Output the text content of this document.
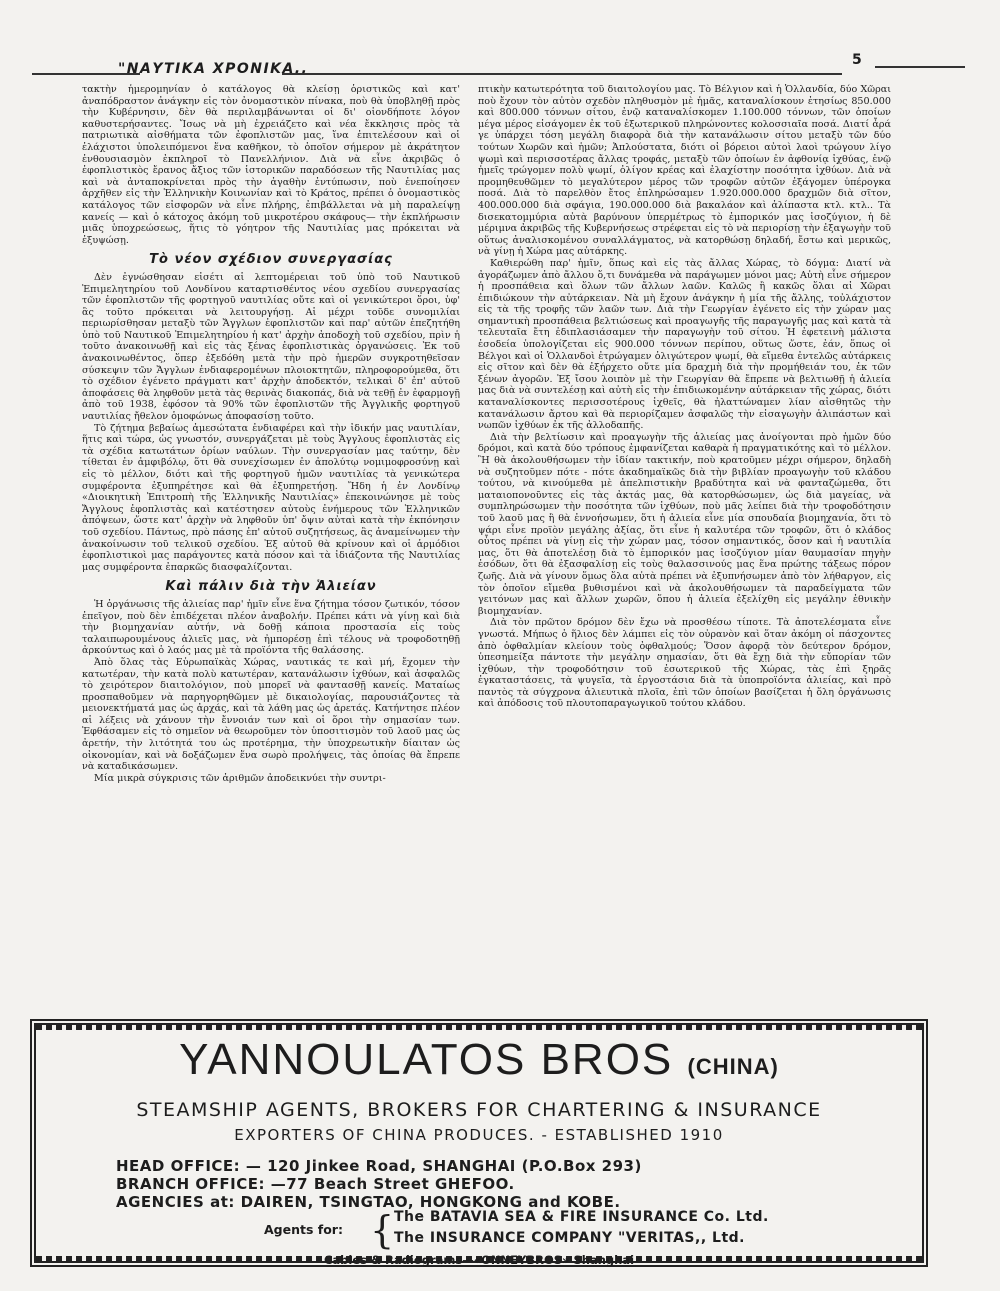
"ΝΑΥΤΙΚΑ ΧΡΟΝΙΚΑ,,
5

τακτὴν ἡμερομηνίαν ὁ κατάλογος θὰ κλείσῃ ὁριστικῶς καὶ κατ' ἀναπόδραστον ἀνάγκην εἰς τὸν ὀνομαστικὸν πίνακα, ποὺ θὰ ὑποβληθῇ πρὸς τὴν Κυβέρνησιν, δὲν θὰ περιλαμβάνωνται οἱ δι' οἱονδήποτε λόγον καθυστερήσαντες. Ἴσως νὰ μὴ ἐχρειάζετο καὶ νέα ἔκκλησις πρὸς τὰ πατριωτικὰ αἰσθήματα τῶν ἐφοπλιστῶν μας, ἵνα ἐπιτελέσουν καὶ οἱ ἐλάχιστοι ὑπολειπόμενοι ἕνα καθῆκον, τὸ ὁποῖον σήμερον μὲ ἀκράτητον ἐνθουσιασμὸν ἐκπληροῖ τὸ Πανελλήνιον. Διὰ νὰ εἶνε ἀκριβῶς ὁ ἐφοπλιστικὸς ἔρανος ἄξιος τῶν ἱστορικῶν παραδόσεων τῆς Ναυτιλίας μας καὶ νὰ ἀνταποκρίνεται πρὸς τὴν ἀγαθὴν ἐντύπωσιν, ποὺ ἐνεποίησεν ἀρχῆθεν εἰς τὴν Ἑλληνικὴν Κοινωνίαν καὶ τὸ Κράτος, πρέπει ὁ ὀνομαστικὸς κατάλογος τῶν εἰσφορῶν νὰ εἶνε πλήρης, ἐπιβάλλεται νὰ μὴ παραλείψῃ κανείς — καὶ ὁ κάτοχος ἀκόμη τοῦ μικροτέρου σκάφους— τὴν ἐκπλήρωσιν μιᾶς ὑποχρεώσεως, ἥτις τὸ γόητρον τῆς Ναυτιλίας μας πρόκειται νὰ ἐξυψώσῃ.

Τὸ νέον σχέδιον συνεργασίας

Δὲν ἐγνώσθησαν εἰσέτι αἱ λεπτομέρειαι τοῦ ὑπὸ τοῦ Ναυτικοῦ Ἐπιμελητηρίου τοῦ Λονδίνου καταρτισθέντος νέου σχεδίου συνεργασίας τῶν ἐφοπλιστῶν τῆς φορτηγοῦ ναυτιλίας οὔτε καὶ οἱ γενικώτεροι ὅροι, ὑφ' ἃς τοῦτο πρόκειται νὰ λειτουργήσῃ. Αἱ μέχρι τοῦδε συνομιλίαι περιωρίσθησαν μεταξὺ τῶν Ἄγγλων ἐφοπλιστῶν καὶ παρ' αὐτῶν ἐπεζητήθη ὑπὸ τοῦ Ναυτικοῦ Ἐπιμελητηρίου ἡ κατ' ἀρχὴν ἀποδοχὴ τοῦ σχεδίου, πρὶν ἡ τοῦτο ἀνακοινωθῇ καὶ εἰς τὰς ξένας ἐφοπλιστικὰς ὀργανώσεις. Ἐκ τοῦ ἀνακοινωθέντος, ὅπερ ἐξεδόθη μετὰ τὴν πρὸ ἡμερῶν συγκροτηθεῖσαν σύσκεψιν τῶν Ἄγγλων ἐνδιαφερομένων πλοιοκτητῶν, πληροφορούμεθα, ὅτι τὸ σχέδιον ἐγένετο πράγματι κατ' ἀρχὴν ἀποδεκτόν, τελικαὶ δ' ἐπ' αὐτοῦ ἀποφάσεις θὰ ληφθοῦν μετὰ τὰς θερινὰς διακοπάς, διὰ νὰ τεθῇ ἐν ἐφαρμογῇ ἀπὸ τοῦ 1938, ἐφόσον τὰ 90% τῶν ἐφοπλιστῶν τῆς Ἀγγλικῆς φορτηγοῦ ναυτιλίας ἤθελον ὁμοφώνως ἀποφασίσῃ τοῦτο.

Τὸ ζήτημα βεβαίως ἀμεσώτατα ἐνδιαφέρει καὶ τὴν ἰδικήν μας ναυτιλίαν, ἥτις καὶ τώρα, ὡς γνωστόν, συνεργάζεται μὲ τοὺς Ἄγγλους ἐφοπλιστὰς εἰς τὰ σχέδια κατωτάτων ὁρίων ναύλων. Τὴν συνεργασίαν μας ταύτην, δὲν τίθεται ἐν ἀμφιβόλῳ, ὅτι θὰ συνεχίσωμεν ἐν ἀπολύτῳ νομιμοφροσύνῃ καὶ εἰς τὸ μέλλον, διότι καὶ τῆς φορτηγοῦ ἡμῶν ναυτιλίας τὰ γενικώτερα συμφέροντα ἐξυπηρέτησε καὶ θὰ ἐξυπηρετήσῃ. Ἤδη ἡ ἐν Λονδίνῳ «Διοικητικὴ Ἐπιτροπὴ τῆς Ἑλληνικῆς Ναυτιλίας» ἐπεκοινώνησε μὲ τοὺς Ἄγγλους ἐφοπλιστὰς καὶ κατέστησεν αὐτοὺς ἐνήμερους τῶν Ἑλληνικῶν ἀπόψεων, ὥστε κατ' ἀρχὴν νὰ ληφθοῦν ὑπ' ὄψιν αὐταὶ κατὰ τὴν ἐκπόνησιν τοῦ σχεδίου. Πάντως, πρὸ πάσης ἐπ' αὐτοῦ συζητήσεως, ἂς ἀναμείνωμεν τὴν ἀνακοίνωσιν τοῦ τελικοῦ σχεδίου. Ἐξ αὐτοῦ θὰ κρίνουν καὶ οἱ ἁρμόδιοι ἐφοπλιστικοὶ μας παράγοντες κατὰ πόσον καὶ τὰ ἰδιάζοντα τῆς Ναυτιλίας μας συμφέροντα ἐπαρκῶς διασφαλίζονται.

Καὶ πάλιν διὰ τὴν Ἁλιείαν

Ἡ ὀργάνωσις τῆς ἁλιείας παρ' ἡμῖν εἶνε ἕνα ζήτημα τόσον ζωτικόν, τόσον ἐπεῖγον, ποὺ δὲν ἐπιδέχεται πλέον ἀναβολήν. Πρέπει κάτι νὰ γίνῃ καὶ διὰ τὴν βιομηχανίαν αὐτήν, νὰ δοθῇ κάποια προστασία εἰς τοὺς ταλαιπωρουμένους ἁλιεῖς μας, νὰ ἠμπορέσῃ ἐπὶ τέλους νὰ τροφοδοτηθῇ ἀρκούντως καὶ ὁ λαός μας μὲ τὰ προϊόντα τῆς θαλάσσης.

Ἀπὸ ὅλας τὰς Εὐρωπαϊκὰς Χώρας, ναυτικάς τε καὶ μή, ἔχομεν τὴν κατωτέραν, τὴν κατὰ πολὺ κατωτέραν, κατανάλωσιν ἰχθύων, καὶ ἀσφαλῶς τὸ χειρότερον διαιτολόγιον, ποὺ μπορεῖ νὰ φαντασθῇ κανείς. Ματαίως προσπαθοῦμεν νὰ παρηγορηθῶμεν μὲ δικαιολογίας, παρουσιάζοντες τὰ μειονεκτήματά μας ὡς ἀρχάς, καὶ τὰ λάθη μας ὡς ἀρετάς. Κατήντησε πλέον αἱ λέξεις νὰ χάνουν τὴν ἔννοιάν των καὶ οἱ ὅροι τὴν σημασίαν των. Ἐφθάσαμεν εἰς τὸ σημεῖον νὰ θεωροῦμεν τὸν ὑποσιτισμὸν τοῦ λαοῦ μας ὡς ἀρετήν, τὴν λιτότητά του ὡς προτέρημα, τὴν ὑποχρεωτικὴν δίαιταν ὡς οἰκονομίαν, καὶ νὰ δοξάζωμεν ἕνα σωρὸ προλήψεις, τὰς ὁποίας θὰ ἔπρεπε νὰ καταδικάσωμεν.

Μία μικρὰ σύγκρισις τῶν ἀριθμῶν ἀποδεικνύει τὴν συντρι-

πτικὴν κατωτερότητα τοῦ διαιτολογίου μας. Τὸ Βέλγιον καὶ ἡ Ὁλλανδία, δύο Χῶραι ποὺ ἔχουν τὸν αὐτὸν σχεδὸν πληθυσμὸν μὲ ἡμᾶς, καταναλίσκουν ἐτησίως 850.000 καὶ 800.000 τόννων σίτου, ἐνῷ καταναλίσκομεν 1.100.000 τόννων, τῶν ὁποίων μέγα μέρος εἰσάγομεν ἐκ τοῦ ἐξωτερικοῦ πληρώνοντες κολοσσιαῖα ποσά. Διατί ἆρά γε ὑπάρχει τόση μεγάλη διαφορὰ διὰ τὴν κατανάλωσιν σίτου μεταξὺ τῶν δύο τούτων Χωρῶν καὶ ἡμῶν; Ἀπλούστατα, διότι οἱ βόρειοι αὐτοὶ λαοὶ τρώγουν λίγο ψωμὶ καὶ περισσοτέρας ἄλλας τροφάς, μεταξὺ τῶν ὁποίων ἐν ἀφθονίᾳ ἰχθύας, ἐνῷ ἡμεῖς τρώγομεν πολὺ ψωμί, ὀλίγον κρέας καὶ ἐλαχίστην ποσότητα ἰχθύων. Διὰ νὰ προμηθευθῶμεν τὸ μεγαλύτερον μέρος τῶν τροφῶν αὐτῶν ἐξάγομεν ὑπέρογκα ποσά. Διὰ τὸ παρελθὸν ἔτος ἐπληρώσαμεν 1.920.000.000 δραχμῶν διὰ σῖτον, 400.000.000 διὰ σφάγια, 190.000.000 διὰ βακαλάον καὶ ἁλίπαστα κτλ. κτλ.. Τὰ δισεκατομμύρια αὐτὰ βαρύνουν ὑπερμέτρως τὸ ἐμπορικόν μας ἰσοζύγιον, ἡ δὲ μέριμνα ἀκριβῶς τῆς Κυβερνήσεως στρέφεται εἰς τὸ νὰ περιορίσῃ τὴν ἐξαγωγὴν τοῦ οὕτως ἀναλισκομένου συναλλάγματος, νὰ κατορθώσῃ δηλαδή, ἔστω καὶ μερικῶς, νὰ γίνῃ ἡ Χώρα μας αὐτάρκης.

Καθιερώθη παρ' ἡμῖν, ὅπως καὶ εἰς τὰς ἄλλας Χώρας, τὸ δόγμα: Διατί νὰ ἀγοράζωμεν ἀπὸ ἄλλου ὅ,τι δυνάμεθα νὰ παράγωμεν μόνοι μας; Αὐτὴ εἶνε σήμερον ἡ προσπάθεια καὶ ὅλων τῶν ἄλλων λαῶν. Καλῶς ἢ κακῶς ὅλαι αἱ Χῶραι ἐπιδιώκουν τὴν αὐτάρκειαν. Νὰ μὴ ἔχουν ἀνάγκην ἡ μία τῆς ἄλλης, τοὐλάχιστον εἰς τὰ τῆς τροφῆς τῶν λαῶν των. Διὰ τὴν Γεωργίαν ἐγένετο εἰς τὴν χώραν μας σημαντικὴ προσπάθεια βελτιώσεως καὶ προαγωγῆς τῆς παραγωγῆς μας καὶ κατὰ τὰ τελευταῖα ἔτη ἐδιπλασιάσαμεν τὴν παραγωγὴν τοῦ σίτου. Ἡ ἐφετεινὴ μάλιστα ἐσοδεία ὑπολογίζεται εἰς 900.000 τόννων περίπου, οὕτως ὥστε, ἐάν, ὅπως οἱ Βέλγοι καὶ οἱ Ὁλλανδοὶ ἐτρώγαμεν ὀλιγώτερον ψωμί, θὰ εἴμεθα ἐντελῶς αὐτάρκεις εἰς σῖτον καὶ δὲν θὰ ἐξήρχετο οὔτε μία δραχμὴ διὰ τὴν προμήθειάν του, ἐκ τῶν ξένων ἀγορῶν. Ἐξ ἴσου λοιπὸν μὲ τὴν Γεωργίαν θὰ ἔπρεπε νὰ βελτιωθῇ ἡ ἁλιεία μας διὰ νὰ συντελέσῃ καὶ αὐτὴ εἰς τὴν ἐπιδιωκομένην αὐτάρκειαν τῆς χώρας, διότι καταναλίσκοντες περισσοτέρους ἰχθεῖς, θὰ ἠλαττώναμεν λίαν αἰσθητῶς τὴν κατανάλωσιν ἄρτου καὶ θὰ περιορίζαμεν ἀσφαλῶς τὴν εἰσαγωγὴν ἁλιπάστων καὶ νωπῶν ἰχθύων ἐκ τῆς ἀλλοδαπῆς.

Διὰ τὴν βελτίωσιν καὶ προαγωγὴν τῆς ἁλιείας μας ἀνοίγονται πρὸ ἡμῶν δύο δρόμοι, καὶ κατὰ δύο τρόπους ἐμφανίζεται καθαρὰ ἡ πραγματικότης καὶ τὸ μέλλον. Ἢ θὰ ἀκολουθήσωμεν τὴν ἰδίαν τακτικήν, ποὺ κρατοῦμεν μέχρι σήμερον, δηλαδὴ νὰ συζητοῦμεν πότε - πότε ἀκαδημαϊκῶς διὰ τὴν βιβλίαν προαγωγὴν τοῦ κλάδου τούτου, νὰ κινούμεθα μὲ ἀπελπιστικὴν βραδύτητα καὶ νὰ φανταζώμεθα, ὅτι ματαιοπονοῦντες εἰς τὰς ἀκτάς μας, θὰ κατορθώσωμεν, ὡς διὰ μαγείας, νὰ συμπληρώσωμεν τὴν ποσότητα τῶν ἰχθύων, ποὺ μᾶς λείπει διὰ τὴν τροφοδότησιν τοῦ λαοῦ μας ἢ θὰ ἐννοήσωμεν, ὅτι ἡ ἁλιεία εἶνε μία σπουδαία βιομηχανία, ὅτι τὸ ψάρι εἶνε προϊὸν μεγάλης ἀξίας, ὅτι εἶνε ἡ καλυτέρα τῶν τροφῶν, ὅτι ὁ κλάδος οὗτος πρέπει νὰ γίνῃ εἰς τὴν χώραν μας, τόσον σημαντικός, ὅσον καὶ ἡ ναυτιλία μας, ὅτι θὰ ἀποτελέσῃ διὰ τὸ ἐμπορικόν μας ἰσοζύγιον μίαν θαυμασίαν πηγὴν ἐσόδων, ὅτι θὰ ἐξασφαλίσῃ εἰς τοὺς θαλασσινούς μας ἕνα πρώτης τάξεως πόρον ζωῆς. Διὰ νὰ γίνουν ὅμως ὅλα αὐτὰ πρέπει νὰ ἐξυπνήσωμεν ἀπὸ τὸν λήθαργον, εἰς τὸν ὁποῖον εἴμεθα βυθισμένοι καὶ νὰ ἀκολουθήσωμεν τὰ παραδείγματα τῶν γειτόνων μας καὶ ἄλλων χωρῶν, ὅπου ἡ ἁλιεία ἐξελίχθη εἰς μεγάλην ἐθνικὴν βιομηχανίαν.

Διὰ τὸν πρῶτον δρόμον δὲν ἔχω νὰ προσθέσω τίποτε. Τὰ ἀποτελέσματα εἶνε γνωστά. Μήπως ὁ ἥλιος δὲν λάμπει εἰς τὸν οὐρανὸν καὶ ὅταν ἀκόμη οἱ πάσχοντες ἀπὸ ὀφθαλμίαν κλείουν τοὺς ὀφθαλμούς; Ὅσον ἀφορᾷ τὸν δεύτερον δρόμον, ὑπεσημείξα πάντοτε τὴν μεγάλην σημασίαν, ὅτι θὰ ἔχῃ διὰ τὴν εὔπορίαν τῶν ἰχθύων, τὴν τροφοδότησιν τοῦ ἐσωτερικοῦ τῆς Χώρας, τὰς ἐπὶ ξηρᾶς ἐγκαταστάσεις, τὰ ψυγεῖα, τὰ ἐργοστάσια διὰ τὰ ὑποπροϊόντα ἁλιείας, καὶ πρὸ παντὸς τὰ σύγχρονα ἁλιευτικὰ πλοῖα, ἐπὶ τῶν ὁποίων βασίζεται ἡ ὅλη ὀργάνωσις καὶ ἀπόδοσις τοῦ πλουτοπαραγωγικοῦ τούτου κλάδου.

YANNOULATOS BROS (CHINA)
STEAMSHIP AGENTS, BROKERS FOR CHARTERING & INSURANCE
EXPORTERS OF CHINA PRODUCES. - ESTABLISHED 1910
HEAD OFFICE: — 120 Jinkee Road, SHANGHAI (P.O.Box 293)
BRANCH OFFICE: —77 Beach Street GHEFOO.
AGENCIES at: DAIREN, TSINGTAO, HONGKONG and KOBE.
Agents for: { The BATAVIA SEA & FIRE INSURANCE Co. Ltd.
The INSURANCE COMPANY "VERITAS,, Ltd.
Cables & Radiograms—«ONNEYBROS» Shanghai
